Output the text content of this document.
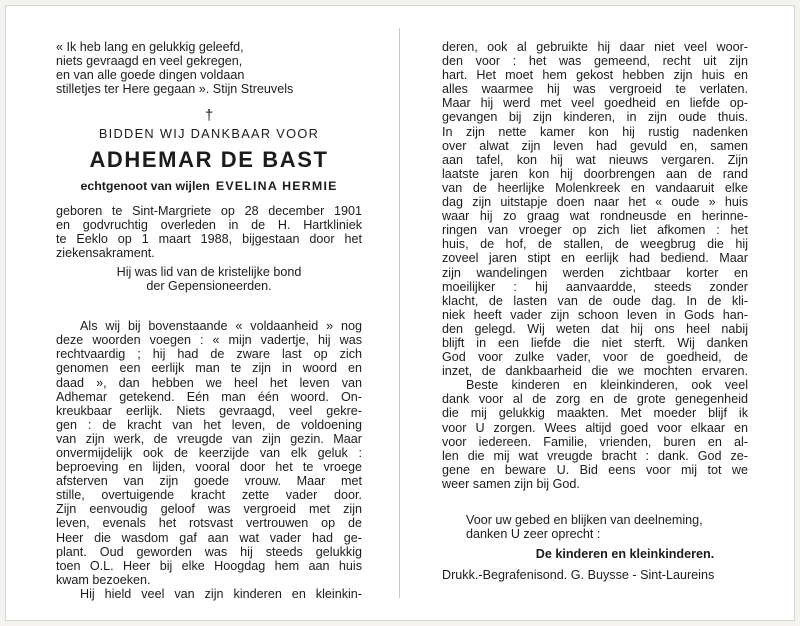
« Ik heb lang en gelukkig geleefd,
niets gevraagd en veel gekregen,
en van alle goede dingen voldaan
stilletjes ter Here gegaan ». Stijn Streuvels
†
BIDDEN WIJ DANKBAAR VOOR
ADHEMAR DE BAST
echtgenoot van wijlen EVELINA HERMIE
geboren te Sint-Margriete op 28 december 1901
en godvruchtig overleden in de H. Hartkliniek
te Eeklo op 1 maart 1988, bijgestaan door het
ziekensakrament.
Hij was lid van de kristelijke bond
der Gepensioneerden.
Als wij bij bovenstaande « voldaanheid » nog
deze woorden voegen : « mijn vadertje, hij was
rechtvaardig ; hij had de zware last op zich
genomen een eerlijk man te zijn in woord en
daad », dan hebben we heel het leven van
Adhemar getekend. Eén man één woord. On-
kreukbaar eerlijk. Niets gevraagd, veel gekre-
gen : de kracht van het leven, de voldoening
van zijn werk, de vreugde van zijn gezin. Maar
onvermijdelijk ook de keerzijde van elk geluk :
beproeving en lijden, vooral door het te vroege
afsterven van zijn goede vrouw. Maar met
stille, overtuigende kracht zette vader door.
Zijn eenvoudig geloof was vergroeid met zijn
leven, evenals het rotsvast vertrouwen op de
Heer die wasdom gaf aan wat vader had ge-
plant. Oud geworden was hij steeds gelukkig
toen O.L. Heer bij elke Hoogdag hem aan huis
kwam bezoeken.
Hij hield veel van zijn kinderen en kleinkin-
deren, ook al gebruikte hij daar niet veel woor-
den voor : het was gemeend, recht uit zijn
hart. Het moet hem gekost hebben zijn huis en
alles waarmee hij was vergroeid te verlaten.
Maar hij werd met veel goedheid en liefde op-
gevangen bij zijn kinderen, in zijn oude thuis.
In zijn nette kamer kon hij rustig nadenken
over alwat zijn leven had gevuld en, samen
aan tafel, kon hij wat nieuws vergaren. Zijn
laatste jaren kon hij doorbrengen aan de rand
van de heerlijke Molenkreek en vandaaruit elke
dag zijn uitstapje doen naar het « oude » huis
waar hij zo graag wat rondneusde en herinne-
ringen van vroeger op zich liet afkomen : het
huis, de hof, de stallen, de weegbrug die hij
zoveel jaren stipt en eerlijk had bediend. Maar
zijn wandelingen werden zichtbaar korter en
moeilijker : hij aanvaardde, steeds zonder
klacht, de lasten van de oude dag. In de kli-
niek heeft vader zijn schoon leven in Gods han-
den gelegd. Wij weten dat hij ons heel nabij
blijft in een liefde die niet sterft. Wij danken
God voor zulke vader, voor de goedheid, de
inzet, de dankbaarheid die we mochten ervaren.
Beste kinderen en kleinkinderen, ook veel
dank voor al de zorg en de grote genegenheid
die mij gelukkig maakten. Met moeder blijf ik
voor U zorgen. Wees altijd goed voor elkaar en
voor iedereen. Familie, vrienden, buren en al-
len die mij wat vreugde bracht : dank. God ze-
gene en beware U. Bid eens voor mij tot we
weer samen zijn bij God.
Voor uw gebed en blijken van deelneming,
danken U zeer oprecht :
De kinderen en kleinkinderen.
Drukk.-Begrafenisond. G. Buysse - Sint-Laureins
